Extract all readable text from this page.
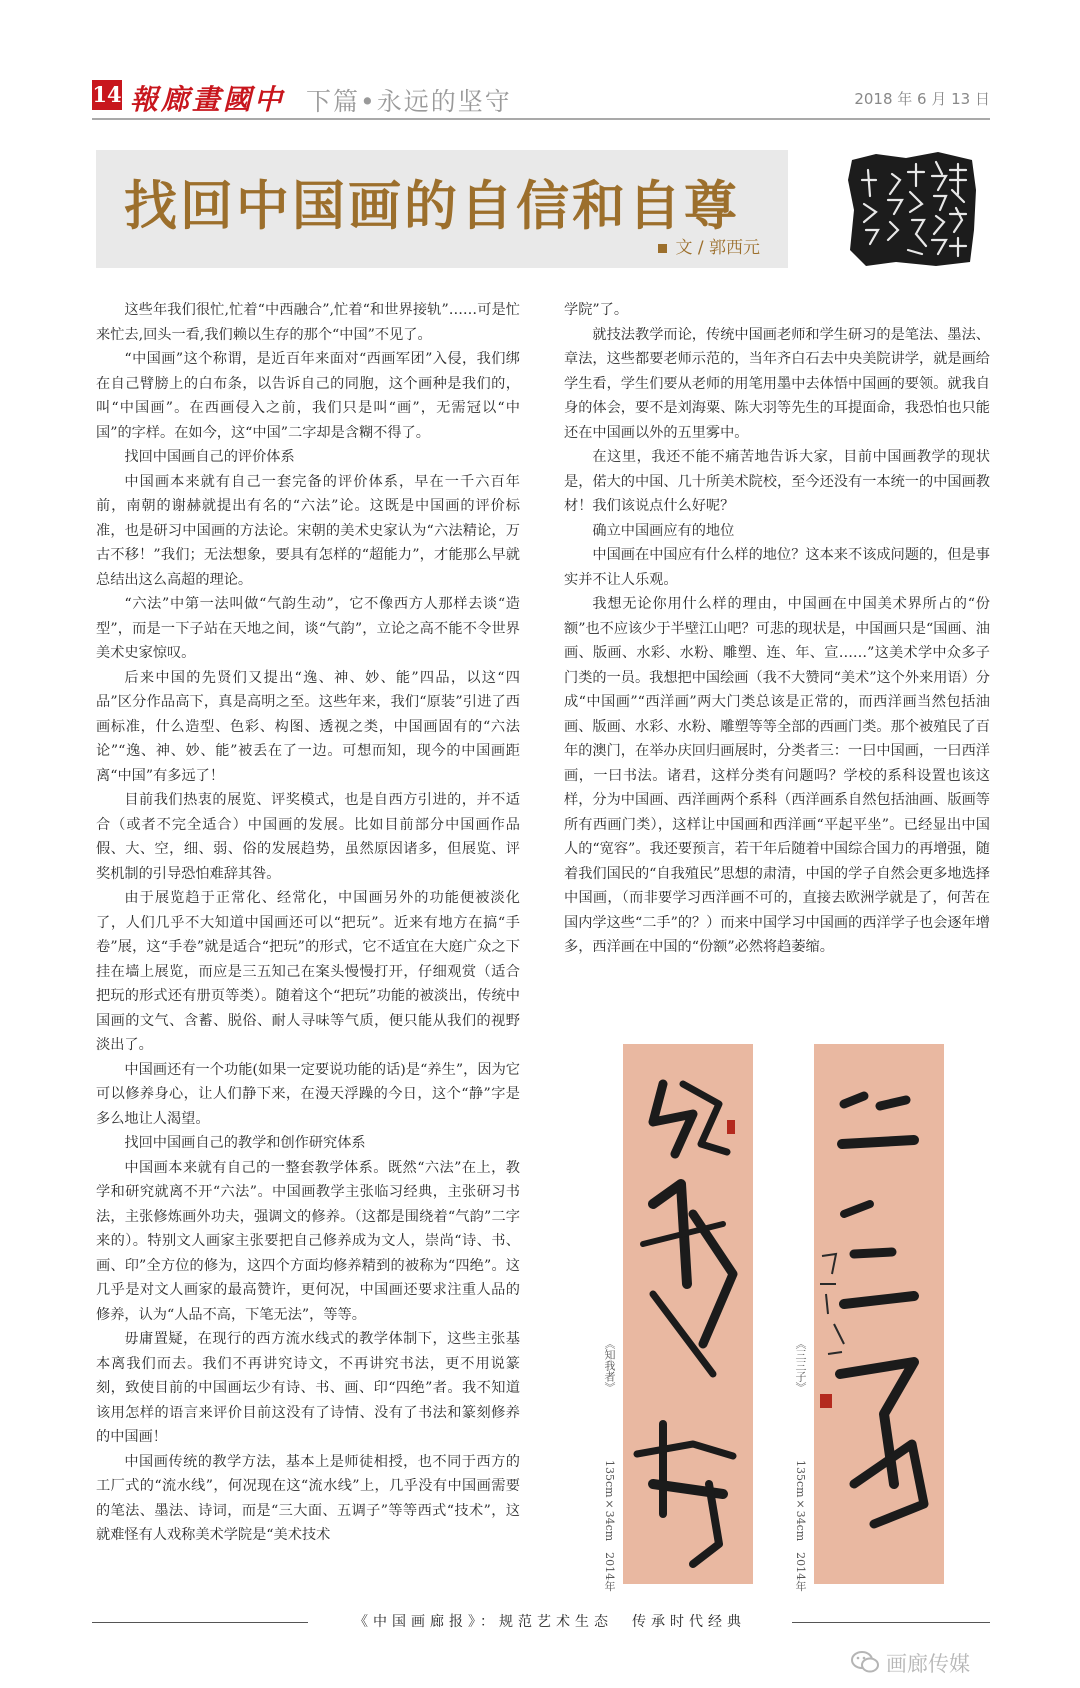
14 報廊畫國中 下篇•永远的坚守	2018 年 6 月 13 日
找回中国画的自信和自尊
文 / 郭西元

这些年我们很忙,忙着“中西融合”,忙着“和世界接轨”……可是忙来忙去,回头一看,我们赖以生存的那个“中国”不见了。

“中国画”这个称谓，是近百年来面对“西画军团”入侵，我们绑在自己臂膀上的白布条，以告诉自己的同胞，这个画种是我们的，叫“中国画”。在西画侵入之前，我们只是叫“画”，无需冠以“中国”的字样。在如今，这“中国”二字却是含糊不得了。

找回中国画自己的评价体系

中国画本来就有自己一套完备的评价体系，早在一千六百年前，南朝的谢赫就提出有名的“六法”论。这既是中国画的评价标准，也是研习中国画的方法论。宋朝的美术史家认为“六法精论，万古不移！”我们；无法想象，要具有怎样的“超能力”，才能那么早就总结出这么高超的理论。

“六法”中第一法叫做“气韵生动”，它不像西方人那样去谈“造型”，而是一下子站在天地之间，谈“气韵”，立论之高不能不令世界美术史家惊叹。

后来中国的先贤们又提出“逸、神、妙、能”四品，以这“四品”区分作品高下，真是高明之至。这些年来，我们“原装”引进了西画标准，什么造型、色彩、构图、透视之类，中国画固有的“六法论”“逸、神、妙、能”被丢在了一边。可想而知，现今的中国画距离“中国”有多远了！

目前我们热衷的展览、评奖模式，也是自西方引进的，并不适合（或者不完全适合）中国画的发展。比如目前部分中国画作品假、大、空，细、弱、俗的发展趋势，虽然原因诸多，但展览、评奖机制的引导恐怕难辞其咎。

由于展览趋于正常化、经常化，中国画另外的功能便被淡化了，人们几乎不大知道中国画还可以“把玩”。近来有地方在搞“手卷”展，这“手卷”就是适合“把玩”的形式，它不适宜在大庭广众之下挂在墙上展览，而应是三五知己在案头慢慢打开，仔细观赏（适合把玩的形式还有册页等类）。随着这个“把玩”功能的被淡出，传统中国画的文气、含蓄、脱俗、耐人寻味等气质，便只能从我们的视野淡出了。

中国画还有一个功能(如果一定要说功能的话)是“养生”，因为它可以修养身心，让人们静下来，在漫天浮躁的今日，这个“静”字是多么地让人渴望。

找回中国画自己的教学和创作研究体系

中国画本来就有自己的一整套教学体系。既然“六法”在上，教学和研究就离不开“六法”。中国画教学主张临习经典，主张研习书法，主张修炼画外功夫，强调文的修养。（这都是围绕着“气韵”二字来的）。特别文人画家主张要把自己修养成为文人，崇尚“诗、书、画、印”全方位的修为，这四个方面均修养精到的被称为“四绝”。这几乎是对文人画家的最高赞许，更何况，中国画还要求注重人品的修养，认为“人品不高，下笔无法”，等等。

毋庸置疑，在现行的西方流水线式的教学体制下，这些主张基本离我们而去。我们不再讲究诗文，不再讲究书法，更不用说篆刻，致使目前的中国画坛少有诗、书、画、印“四绝”者。我不知道该用怎样的语言来评价目前这没有了诗情、没有了书法和篆刻修养的中国画！

中国画传统的教学方法，基本上是师徒相授，也不同于西方的工厂式的“流水线”，何况现在这“流水线”上，几乎没有中国画需要的笔法、墨法、诗词，而是“三大面、五调子”等等西式“技术”，这就难怪有人戏称美术学院是“美术技术

学院”了。

就技法教学而论，传统中国画老师和学生研习的是笔法、墨法、章法，这些都要老师示范的，当年齐白石去中央美院讲学，就是画给学生看，学生们要从老师的用笔用墨中去体悟中国画的要领。就我自身的体会，要不是刘海粟、陈大羽等先生的耳提面命，我恐怕也只能还在中国画以外的五里雾中。

在这里，我还不能不痛苦地告诉大家，目前中国画教学的现状是，偌大的中国、几十所美术院校，至今还没有一本统一的中国画教材！我们该说点什么好呢？

确立中国画应有的地位

中国画在中国应有什么样的地位？这本来不该成问题的，但是事实并不让人乐观。

我想无论你用什么样的理由，中国画在中国美术界所占的“份额”也不应该少于半壁江山吧？可悲的现状是，中国画只是“国画、油画、版画、水彩、水粉、雕塑、连、年、宣……”这美术学中众多子门类的一员。我想把中国绘画（我不大赞同“美术”这个外来用语）分成“中国画”“西洋画”两大门类总该是正常的，而西洋画当然包括油画、版画、水彩、水粉、雕塑等等全部的西画门类。那个被殖民了百年的澳门，在举办庆回归画展时，分类者三：一曰中国画，一曰西洋画，一曰书法。诸君，这样分类有问题吗？学校的系科设置也该这样，分为中国画、西洋画两个系科（西洋画系自然包括油画、版画等所有西画门类），这样让中国画和西洋画“平起平坐”。已经显出中国人的“宽容”。我还要预言，若干年后随着中国综合国力的再增强，随着我们国民的“自我殖民”思想的肃清，中国的学子自然会更多地选择中国画，（而非要学习西洋画不可的，直接去欧洲学就是了，何苦在国内学这些“二手”的？）而来中国学习中国画的西洋学子也会逐年增多，西洋画在中国的“份额”必然将趋萎缩。

《知我者》
135cm×34cm　2014年
《三三子》
135cm×34cm　2014年
《中国画廊报》：规范艺术生态　传承时代经典
画廊传媒
